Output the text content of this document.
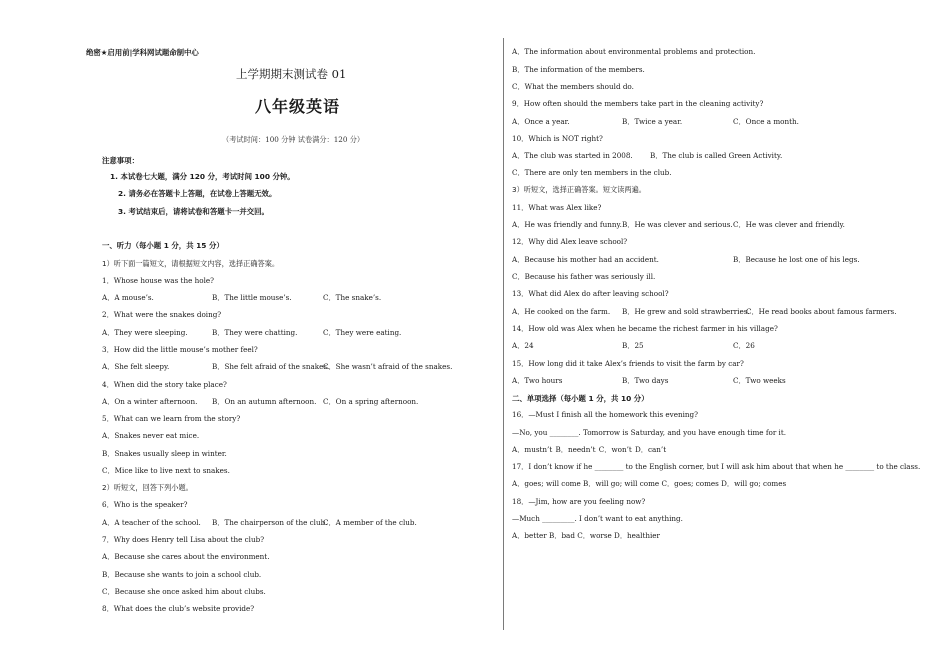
绝密★启用前|学科网试题命制中心
上学期期末测试卷 01
八年级英语
（考试时间：100 分钟 试卷满分：120 分）
注意事项：
1. 本试卷七大题，满分 120 分，考试时间 100 分钟。
2. 请务必在答题卡上答题，在试卷上答题无效。
3. 考试结束后，请将试卷和答题卡一并交回。
一、听力（每小题 1 分，共 15 分）
1）听下面一篇短文，请根据短文内容，选择正确答案。
1．Whose house was the hole?
A．A mouse’s.	B．The little mouse’s.	C．The snake’s.
2．What were the snakes doing?
A．They were sleeping.	B．They were chatting.	C．They were eating.
3．How did the little mouse’s mother feel?
A．She felt sleepy.	B．She felt afraid of the snakes.
C．She wasn’t afraid of the snakes.
4．When did the story take place?
A．On a winter afternoon. B．On an autumn afternoon. C．On a spring afternoon.
5．What can we learn from the story?
A．Snakes never eat mice.
B．Snakes usually sleep in winter.
C．Mice like to live next to snakes.
2）听短文，回答下列小题。
6．Who is the speaker?
A．A teacher of the school. B．The chairperson of the club.
C．A member of the club.
7．Why does Henry tell Lisa about the club?
A．Because she cares about the environment.
B．Because she wants to join a school club.
C．Because she once asked him about clubs.
8．What does the club’s website provide?
A．The information about environmental problems and protection.
B．The information of the members.
C．What the members should do.
9．How often should the members take part in the cleaning activity?
A．Once a year.	B．Twice a year.	C．Once a month.
10．Which is NOT right?
A．The club was started in 2008. B．The club is called Green Activity.
C．There are only ten members in the club.
3）听短文，选择正确答案。短文读两遍。
11．What was Alex like?
A．He was friendly and funny. B．He was clever and serious. C．He was clever and friendly.
12．Why did Alex leave school?
A．Because his mother had an accident.	B．Because he lost one of his legs.
C．Because his father was seriously ill.
13．What did Alex do after leaving school?
A．He cooked on the farm. B．He grew and sold strawberries.
C．He read books about famous farmers.
14．How old was Alex when he became the richest farmer in his village?
A．24	B．25	C．26
15．How long did it take Alex’s friends to visit the farm by car?
A．Two hours	B．Two days	C．Two weeks
二、单项选择（每小题 1 分，共 10 分）
16．—Must I finish all the homework this evening?
—No, you ________. Tomorrow is Saturday, and you have enough time for it.
A．mustn’t B．needn’t C．won’t D．can’t
17．I don’t know if he ________ to the English corner, but I will ask him about that when he ________ to the class.
A．goes; will come B．will go; will come C．goes; comes D．will go; comes
18．—Jim, how are you feeling now?
—Much _________. I don’t want to eat anything.
A．better B．bad C．worse D．healthier
